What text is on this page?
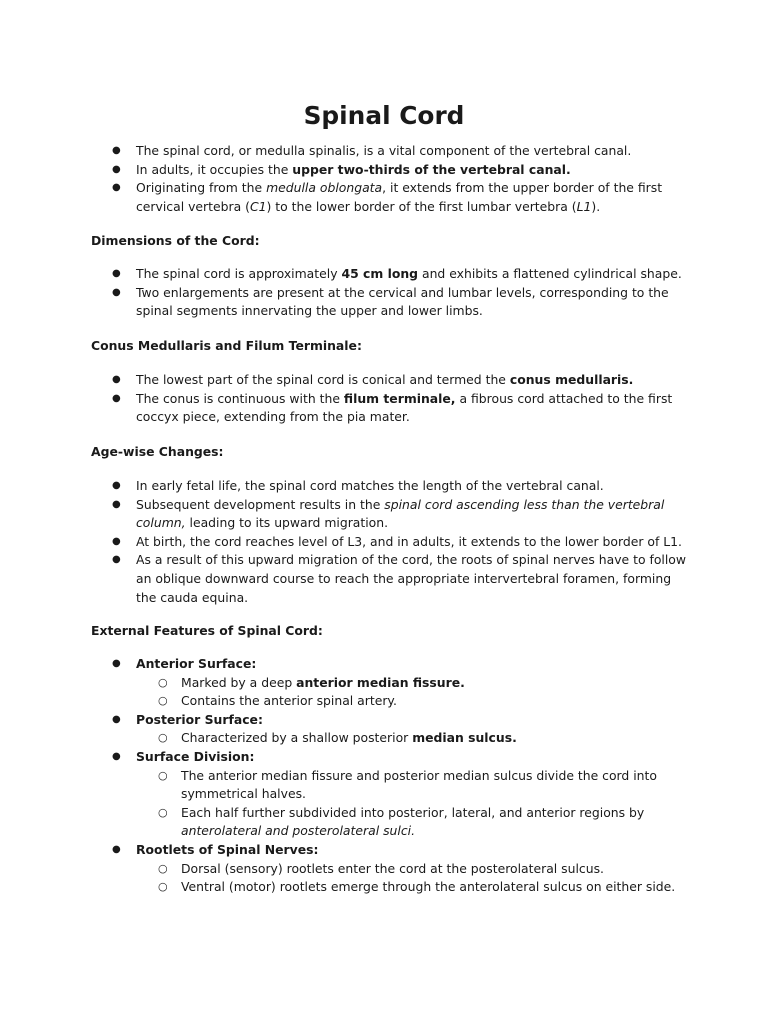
Spinal Cord
● The spinal cord, or medulla spinalis, is a vital component of the vertebral canal.
● In adults, it occupies the upper two-thirds of the vertebral canal.
● Originating from the medulla oblongata, it extends from the upper border of the first cervical vertebra (C1) to the lower border of the first lumbar vertebra (L1).

Dimensions of the Cord:

● The spinal cord is approximately 45 cm long and exhibits a flattened cylindrical shape.
● Two enlargements are present at the cervical and lumbar levels, corresponding to the spinal segments innervating the upper and lower limbs.

Conus Medullaris and Filum Terminale:

● The lowest part of the spinal cord is conical and termed the conus medullaris.
● The conus is continuous with the filum terminale, a fibrous cord attached to the first coccyx piece, extending from the pia mater.

Age-wise Changes:

● In early fetal life, the spinal cord matches the length of the vertebral canal.
● Subsequent development results in the spinal cord ascending less than the vertebral column, leading to its upward migration.
● At birth, the cord reaches level of L3, and in adults, it extends to the lower border of L1.
● As a result of this upward migration of the cord, the roots of spinal nerves have to follow an oblique downward course to reach the appropriate intervertebral foramen, forming the cauda equina.

External Features of Spinal Cord:

● Anterior Surface:
○ Marked by a deep anterior median fissure.
○ Contains the anterior spinal artery.
● Posterior Surface:
○ Characterized by a shallow posterior median sulcus.
● Surface Division:
○ The anterior median fissure and posterior median sulcus divide the cord into symmetrical halves.
○ Each half further subdivided into posterior, lateral, and anterior regions by anterolateral and posterolateral sulci.
● Rootlets of Spinal Nerves:
○ Dorsal (sensory) rootlets enter the cord at the posterolateral sulcus.
○ Ventral (motor) rootlets emerge through the anterolateral sulcus on either side.
